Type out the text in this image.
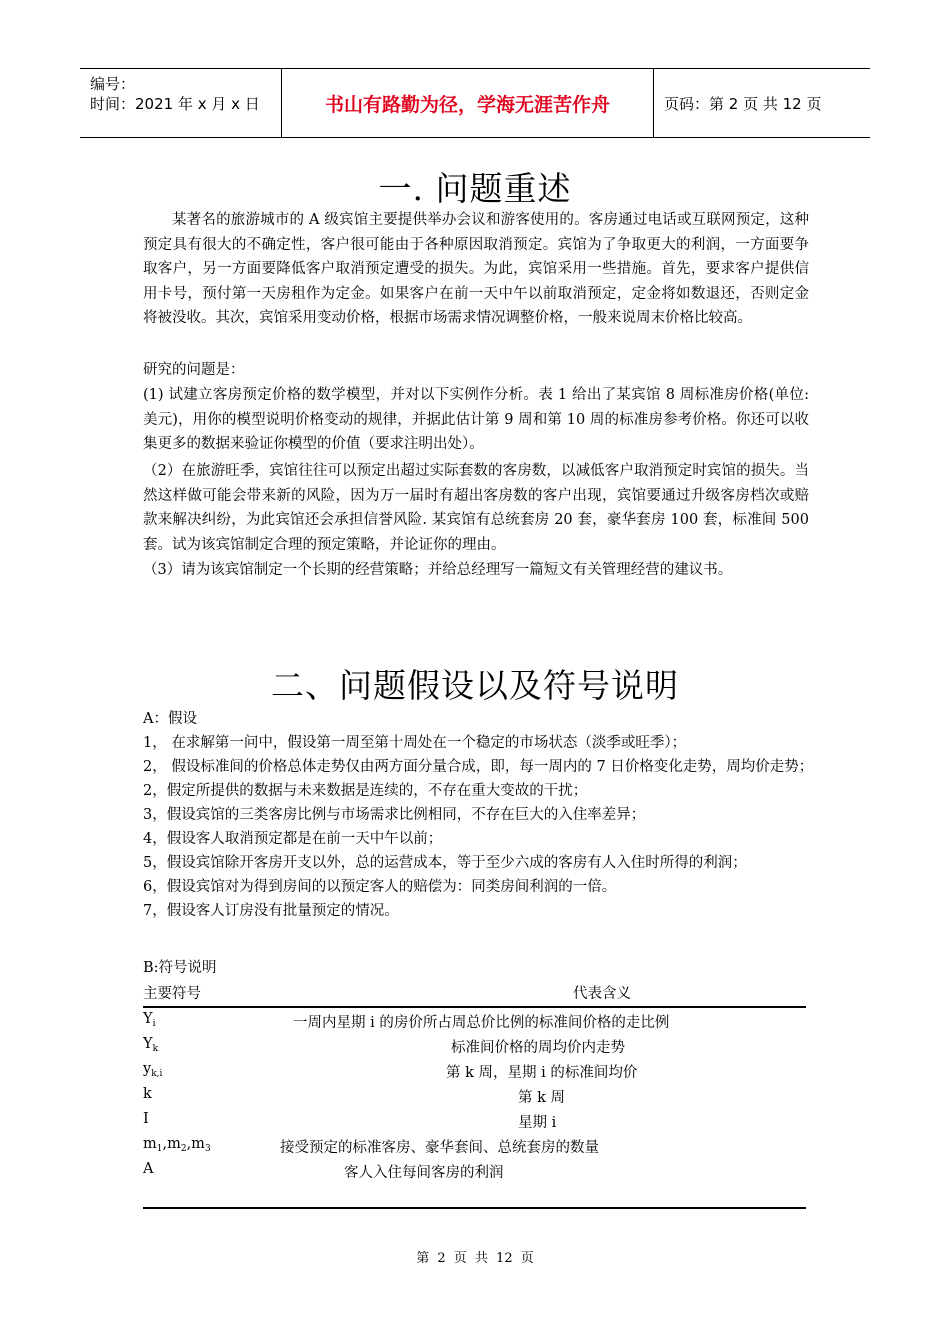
编号：
时间：2021 年 x 月 x 日	书山有路勤为径，学海无涯苦作舟	页码：第 2 页 共 12 页
一. 问题重述
某著名的旅游城市的 A 级宾馆主要提供举办会议和游客使用的。客房通过电话或互联网预定，这种预定具有很大的不确定性，客户很可能由于各种原因取消预定。宾馆为了争取更大的利润，一方面要争取客户，另一方面要降低客户取消预定遭受的损失。为此，宾馆采用一些措施。首先，要求客户提供信用卡号，预付第一天房租作为定金。如果客户在前一天中午以前取消预定，定金将如数退还，否则定金将被没收。其次，宾馆采用变动价格，根据市场需求情况调整价格，一般来说周末价格比较高。
研究的问题是：
(1) 试建立客房预定价格的数学模型，并对以下实例作分析。表 1 给出了某宾馆 8 周标准房价格(单位: 美元)，用你的模型说明价格变动的规律，并据此估计第 9 周和第 10 周的标准房参考价格。你还可以收集更多的数据来验证你模型的价值（要求注明出处）。
（2）在旅游旺季，宾馆往往可以预定出超过实际套数的客房数，以减低客户取消预定时宾馆的损失。当然这样做可能会带来新的风险，因为万一届时有超出客房数的客户出现，宾馆要通过升级客房档次或赔款来解决纠纷，为此宾馆还会承担信誉风险. 某宾馆有总统套房 20 套，豪华套房 100 套，标准间 500 套。试为该宾馆制定合理的预定策略，并论证你的理由。
（3）请为该宾馆制定一个长期的经营策略；并给总经理写一篇短文有关管理经营的建议书。
二、问题假设以及符号说明
A：假设
1， 在求解第一问中，假设第一周至第十周处在一个稳定的市场状态（淡季或旺季）；
2， 假设标准间的价格总体走势仅由两方面分量合成，即，每一周内的 7 日价格变化走势，周均价走势；
2，假定所提供的数据与未来数据是连续的，不存在重大变故的干扰；
3，假设宾馆的三类客房比例与市场需求比例相同，不存在巨大的入住率差异；
4，假设客人取消预定都是在前一天中午以前；
5，假设宾馆除开客房开支以外，总的运营成本，等于至少六成的客房有人入住时所得的利润；
6，假设宾馆对为得到房间的以预定客人的赔偿为：同类房间利润的一倍。
7，假设客人订房没有批量预定的情况。
B:符号说明
主要符号	代表含义
$Y_i$	一周内星期 i 的房价所占周总价比例的标准间价格的走比例
$Y_k$	标准间价格的周均价内走势
$y_{k,i}$	第 k 周，星期 i 的标准间均价
k	第 k 周
I	星期 i
$m_1,m_2,m_3$	接受预定的标准客房、豪华套间、总统套房的数量
A	客人入住每间客房的利润
第 2 页 共 12 页
